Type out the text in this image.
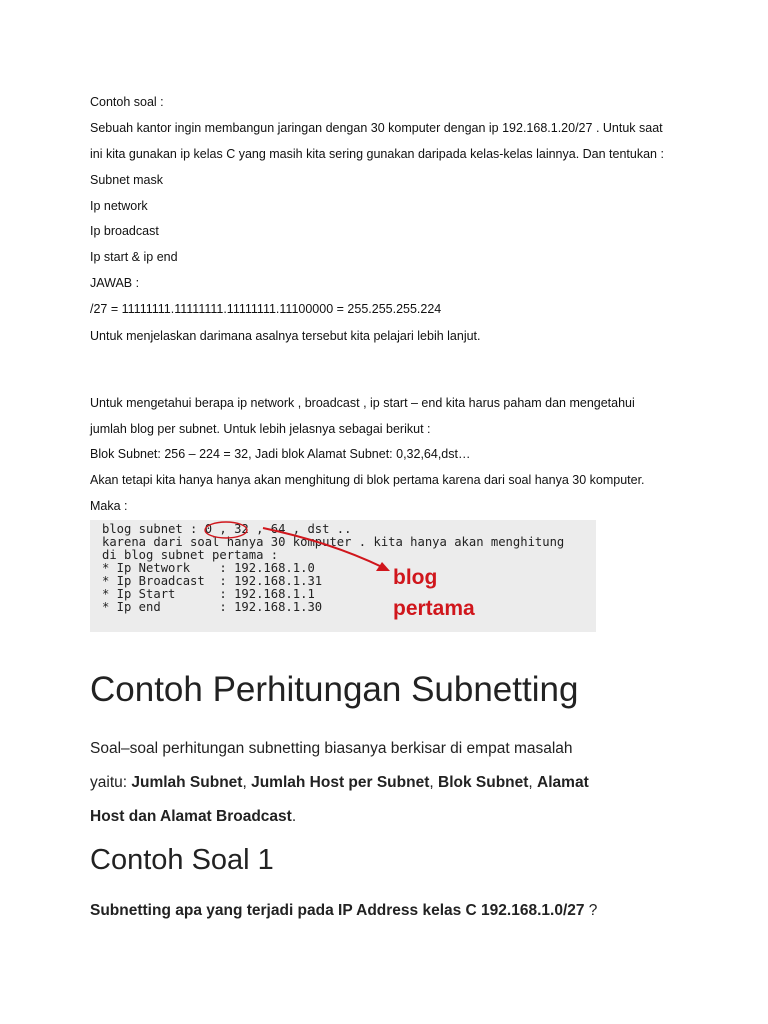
Contoh soal :
Sebuah kantor ingin membangun jaringan dengan 30 komputer dengan ip 192.168.1.20/27 . Untuk saat
ini kita gunakan ip kelas C yang masih kita sering gunakan daripada kelas-kelas lainnya. Dan tentukan :
Subnet mask
Ip network
Ip broadcast
Ip start & ip end
JAWAB :
/27 = 11111111.11111111.11111111.11100000 = 255.255.255.224
Untuk menjelaskan darimana asalnya tersebut kita pelajari lebih lanjut.
Untuk mengetahui berapa ip network , broadcast , ip start – end kita harus paham dan mengetahui
jumlah blog per subnet. Untuk lebih jelasnya sebagai berikut :
Blok Subnet: 256 – 224 = 32, Jadi blok Alamat Subnet: 0,32,64,dst…
Akan tetapi kita hanya hanya akan menghitung di blok pertama karena dari soal hanya 30 komputer.
Maka :
blog subnet : 0 , 32 , 64 , dst ..
karena dari soal hanya 30 komputer . kita hanya akan menghitung
di blog subnet pertama :
* Ip Network    : 192.168.1.0
* Ip Broadcast  : 192.168.1.31
* Ip Start      : 192.168.1.1
* Ip end        : 192.168.1.30
blog
pertama
Contoh Perhitungan Subnetting
Soal–soal perhitungan subnetting biasanya berkisar di empat masalah
yaitu: Jumlah Subnet, Jumlah Host per Subnet, Blok Subnet, Alamat
Host dan Alamat Broadcast.
Contoh Soal 1
Subnetting apa yang terjadi pada IP Address kelas C 192.168.1.0/27 ?
